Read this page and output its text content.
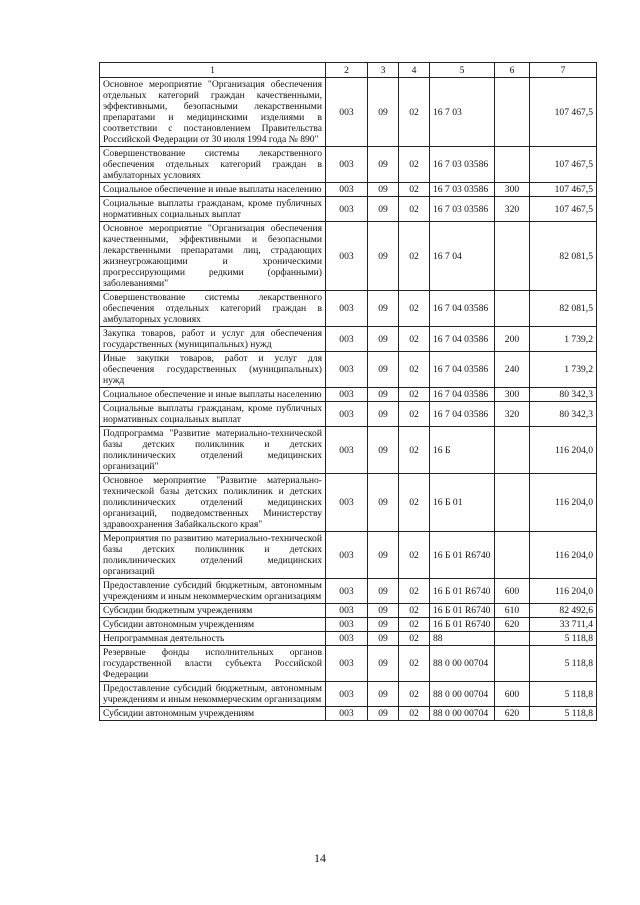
1	2	3	4	5	6	7
Основное мероприятие "Организация обеспечения отдельных категорий граждан качественными, эффективными, безопасными лекарственными препаратами и медицинскими изделиями в соответствии с постановлением Правительства Российской Федерации от 30 июля 1994 года № 890"	003	09	02	16 7 03		107 467,5
Совершенствование системы лекарственного обеспечения отдельных категорий граждан в амбулаторных условиях	003	09	02	16 7 03 03586		107 467,5
Социальное обеспечение и иные выплаты населению	003	09	02	16 7 03 03586	300	107 467,5
Социальные выплаты гражданам, кроме публичных нормативных социальных выплат	003	09	02	16 7 03 03586	320	107 467,5
Основное мероприятие "Организация обеспечения качественными, эффективными и безопасными лекарственными препаратами лиц, страдающих жизнеугрожающими и хроническими прогрессирующими редкими (орфанными) заболеваниями"	003	09	02	16 7 04		82 081,5
Совершенствование системы лекарственного обеспечения отдельных категорий граждан в амбулаторных условиях	003	09	02	16 7 04 03586		82 081,5
Закупка товаров, работ и услуг для обеспечения государственных (муниципальных) нужд	003	09	02	16 7 04 03586	200	1 739,2
Иные закупки товаров, работ и услуг для обеспечения государственных (муниципальных) нужд	003	09	02	16 7 04 03586	240	1 739,2
Социальное обеспечение и иные выплаты населению	003	09	02	16 7 04 03586	300	80 342,3
Социальные выплаты гражданам, кроме публичных нормативных социальных выплат	003	09	02	16 7 04 03586	320	80 342,3
Подпрограмма "Развитие материально-технической базы детских поликлиник и детских поликлинических отделений медицинских организаций"	003	09	02	16 Б		116 204,0
Основное мероприятие "Развитие материально-технической базы детских поликлиник и детских поликлинических отделений медицинских организаций, подведомственных Министерству здравоохранения Забайкальского края"	003	09	02	16 Б 01		116 204,0
Мероприятия по развитию материально-технической базы детских поликлиник и детских поликлинических отделений медицинских организаций	003	09	02	16 Б 01 R6740		116 204,0
Предоставление субсидий бюджетным, автономным учреждениям и иным некоммерческим организациям	003	09	02	16 Б 01 R6740	600	116 204,0
Субсидии бюджетным учреждениям	003	09	02	16 Б 01 R6740	610	82 492,6
Субсидии автономным учреждениям	003	09	02	16 Б 01 R6740	620	33 711,4
Непрограммная деятельность	003	09	02	88		5 118,8
Резервные фонды исполнительных органов государственной власти субъекта Российской Федерации	003	09	02	88 0 00 00704		5 118,8
Предоставление субсидий бюджетным, автономным учреждениям и иным некоммерческим организациям	003	09	02	88 0 00 00704	600	5 118,8
Субсидии автономным учреждениям	003	09	02	88 0 00 00704	620	5 118,8
14
